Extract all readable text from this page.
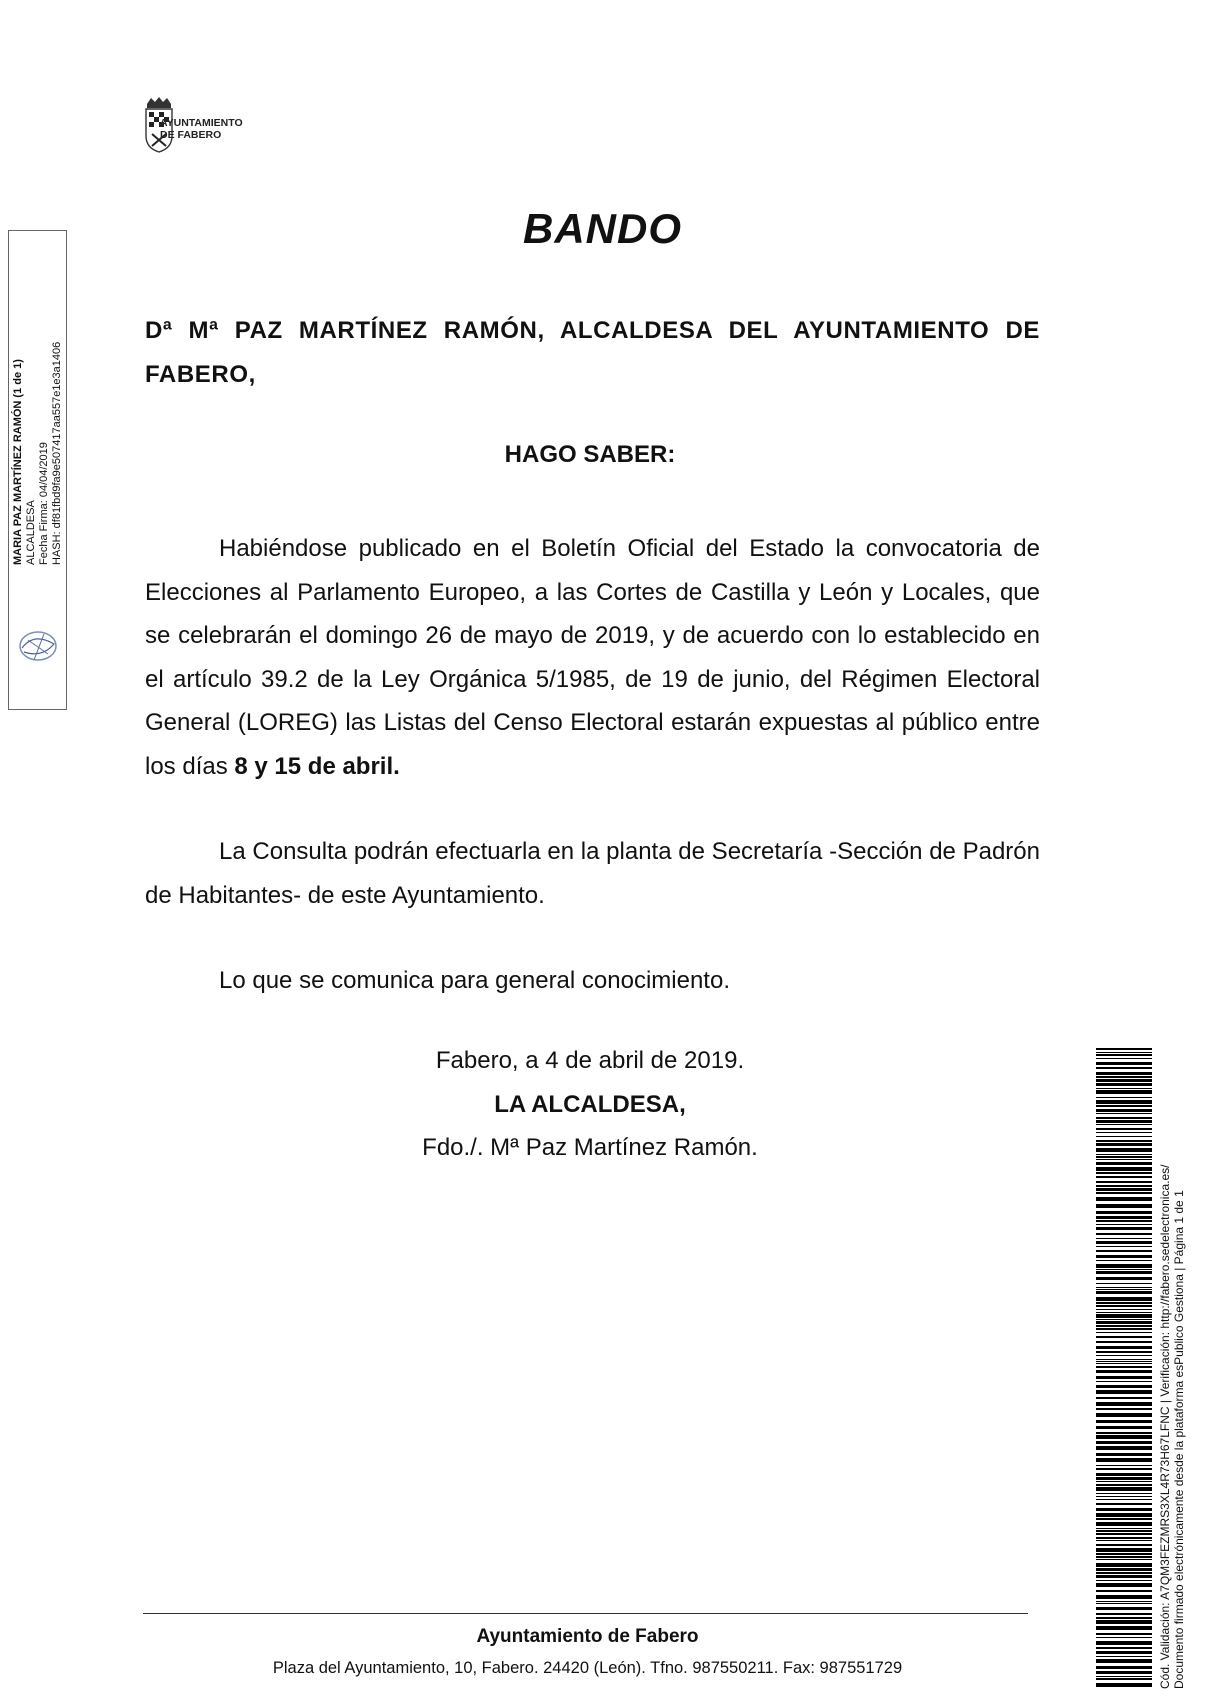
AYUNTAMIENTO
DE FABERO
MARIA PAZ MARTÍNEZ RAMÓN (1 de 1) ALCALDESA Fecha Firma: 04/04/2019 HASH: df81fbd9fa9e507417aa557e1e3a1406
BANDO
Dª Mª PAZ MARTÍNEZ RAMÓN, ALCALDESA DEL AYUNTAMIENTO DE FABERO,
HAGO SABER:
Habiéndose publicado en el Boletín Oficial del Estado la convocatoria de Elecciones al Parlamento Europeo, a las Cortes de Castilla y León y Locales, que se celebrarán el domingo 26 de mayo de 2019, y de acuerdo con lo establecido en el artículo 39.2 de la Ley Orgánica 5/1985, de 19 de junio, del Régimen Electoral General (LOREG) las Listas del Censo Electoral estarán expuestas al público entre los días 8 y 15 de abril.
La Consulta podrán efectuarla en la planta de Secretaría -Sección de Padrón de Habitantes- de este Ayuntamiento.
Lo que se comunica para general conocimiento.
Fabero, a 4 de abril de 2019.
LA ALCALDESA,
Fdo./. Mª Paz Martínez Ramón.
Cód. Validación: A7QM3FEZMRS3XL4R73H67LFNC | Verificación: http://fabero.sedelectronica.es/ Documento firmado electrónicamente desde la plataforma esPublico Gestiona | Página 1 de 1
Ayuntamiento de Fabero
Plaza del Ayuntamiento, 10, Fabero. 24420 (León). Tfno. 987550211. Fax: 987551729
